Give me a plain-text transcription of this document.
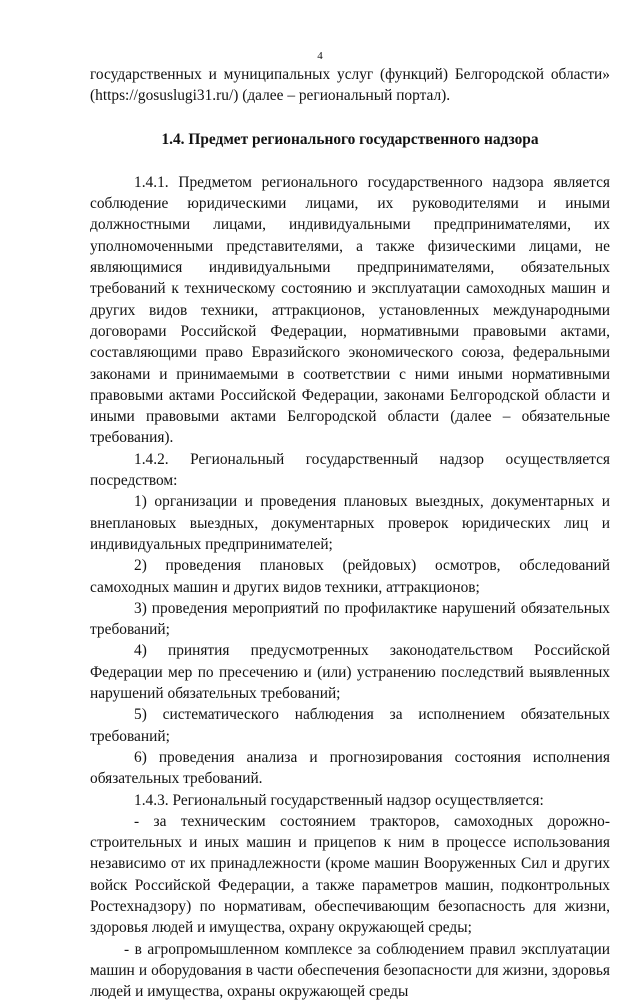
4

государственных и муниципальных услуг (функций) Белгородской области» (https://gosuslugi31.ru/) (далее – региональный портал).

1.4. Предмет регионального государственного надзора

1.4.1. Предметом регионального государственного надзора является соблюдение юридическими лицами, их руководителями и иными должностными лицами, индивидуальными предпринимателями, их уполномоченными представителями, а также физическими лицами, не являющимися индивидуальными предпринимателями, обязательных требований к техническому состоянию и эксплуатации самоходных машин и других видов техники, аттракционов, установленных международными договорами Российской Федерации, нормативными правовыми актами, составляющими право Евразийского экономического союза, федеральными законами и принимаемыми в соответствии с ними иными нормативными правовыми актами Российской Федерации, законами Белгородской области и иными правовыми актами Белгородской области (далее – обязательные требования).

1.4.2. Региональный государственный надзор осуществляется посредством:

1) организации и проведения плановых выездных, документарных и внеплановых выездных, документарных проверок юридических лиц и индивидуальных предпринимателей;

2) проведения плановых (рейдовых) осмотров, обследований самоходных машин и других видов техники, аттракционов;

3) проведения мероприятий по профилактике нарушений обязательных требований;

4) принятия предусмотренных законодательством Российской Федерации мер по пресечению и (или) устранению последствий выявленных нарушений обязательных требований;

5) систематического наблюдения за исполнением обязательных требований;

6) проведения анализа и прогнозирования состояния исполнения обязательных требований.

1.4.3. Региональный государственный надзор осуществляется:

- за техническим состоянием тракторов, самоходных дорожно-строительных и иных машин и прицепов к ним в процессе использования независимо от их принадлежности (кроме машин Вооруженных Сил и других войск Российской Федерации, а также параметров машин, подконтрольных Ростехнадзору) по нормативам, обеспечивающим безопасность для жизни, здоровья людей и имущества, охрану окружающей среды;

- в агропромышленном комплексе за соблюдением правил эксплуатации машин и оборудования в части обеспечения безопасности для жизни, здоровья людей и имущества, охраны окружающей среды
